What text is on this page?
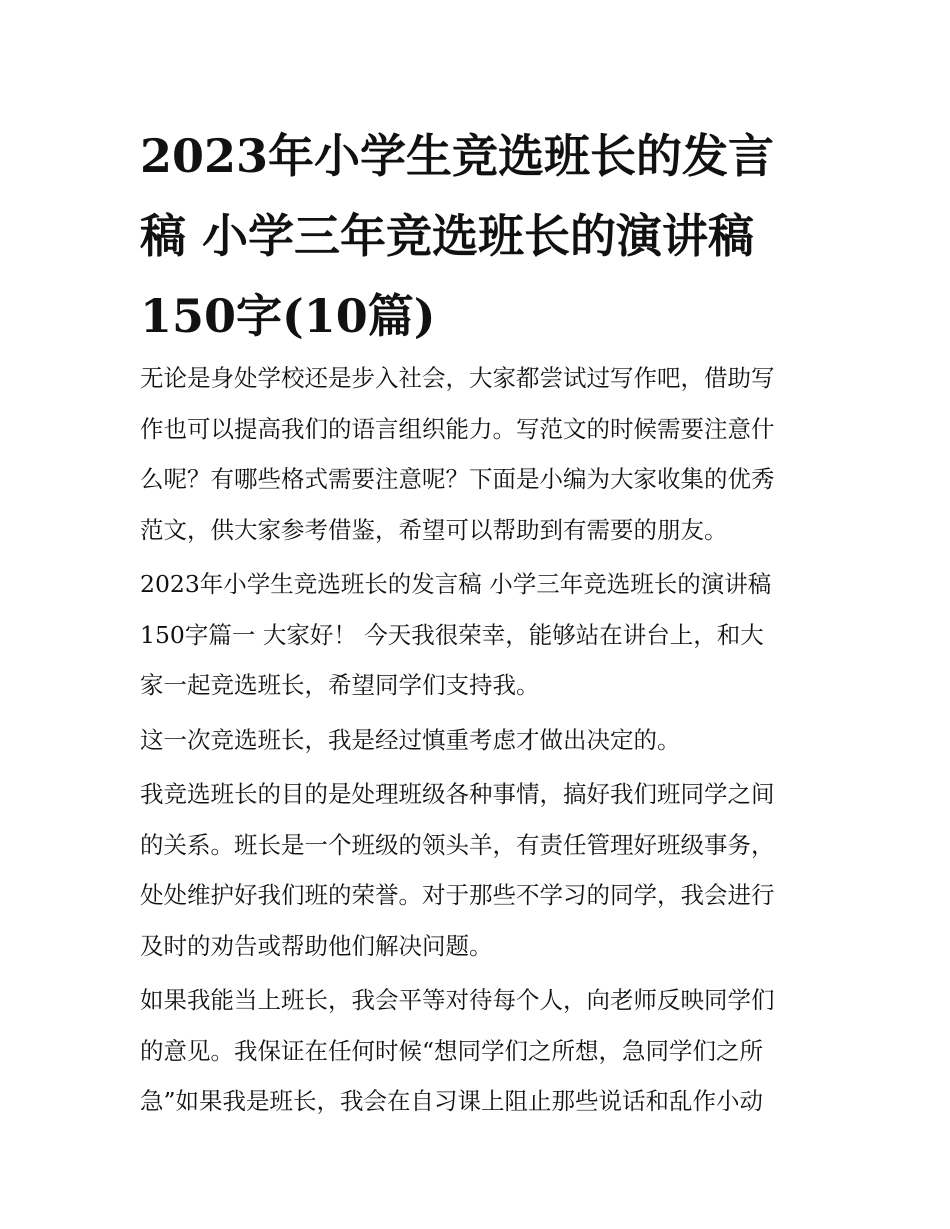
2023年小学生竞选班长的发言
稿 小学三年竞选班长的演讲稿
150字(10篇)

无论是身处学校还是步入社会，大家都尝试过写作吧，借助写
作也可以提高我们的语言组织能力。写范文的时候需要注意什
么呢？有哪些格式需要注意呢？下面是小编为大家收集的优秀
范文，供大家参考借鉴，希望可以帮助到有需要的朋友。

2023年小学生竞选班长的发言稿 小学三年竞选班长的演讲稿
150字篇一 大家好！ 今天我很荣幸，能够站在讲台上，和大
家一起竞选班长，希望同学们支持我。

这一次竞选班长，我是经过慎重考虑才做出决定的。

我竞选班长的目的是处理班级各种事情，搞好我们班同学之间
的关系。班长是一个班级的领头羊，有责任管理好班级事务，
处处维护好我们班的荣誉。对于那些不学习的同学，我会进行
及时的劝告或帮助他们解决问题。

如果我能当上班长，我会平等对待每个人，向老师反映同学们
的意见。我保证在任何时候“想同学们之所想，急同学们之所
急”如果我是班长，我会在自习课上阻止那些说话和乱作小动
